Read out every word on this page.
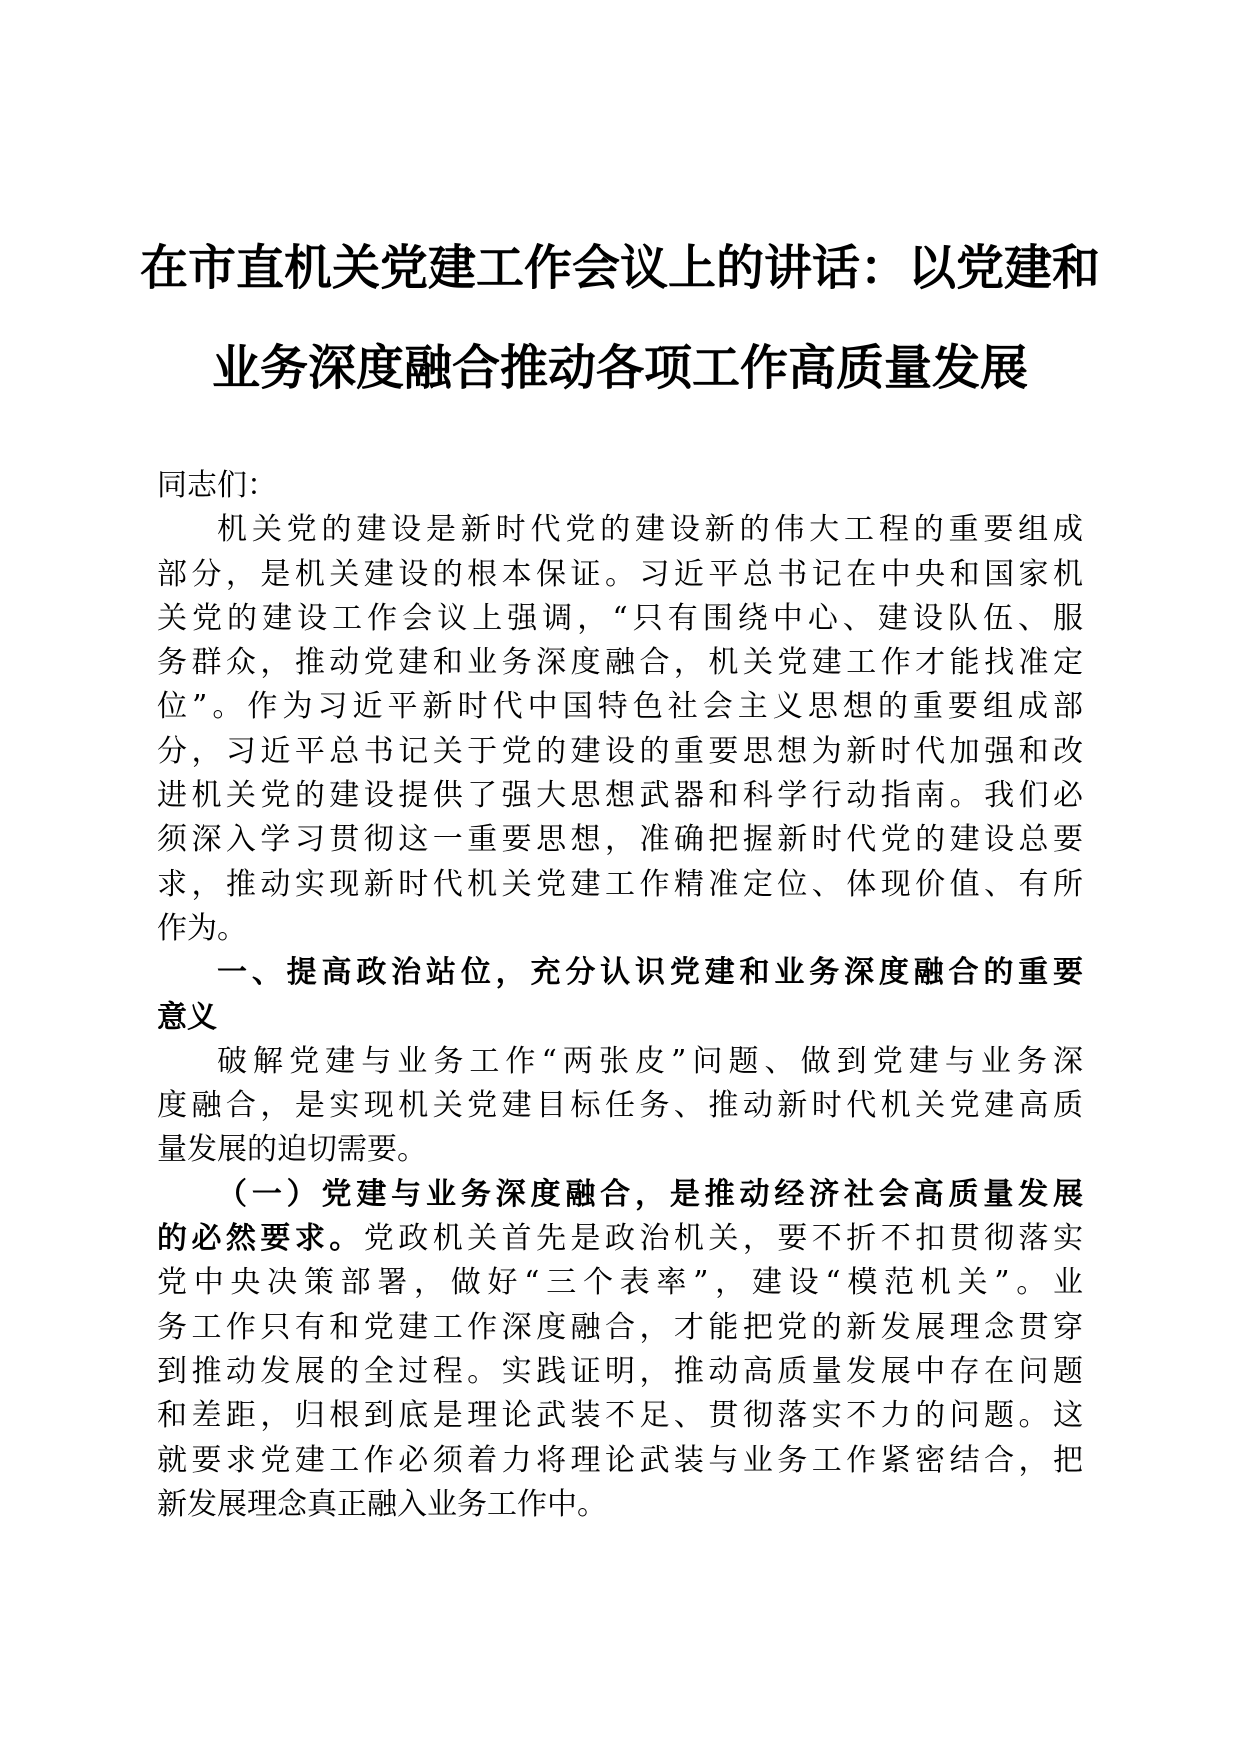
在市直机关党建工作会议上的讲话：以党建和
业务深度融合推动各项工作高质量发展
同志们：
机关党的建设是新时代党的建设新的伟大工程的重要组成
部分，是机关建设的根本保证。习近平总书记在中央和国家机
关党的建设工作会议上强调，“只有围绕中心、建设队伍、服
务群众，推动党建和业务深度融合，机关党建工作才能找准定
位”。作为习近平新时代中国特色社会主义思想的重要组成部
分，习近平总书记关于党的建设的重要思想为新时代加强和改
进机关党的建设提供了强大思想武器和科学行动指南。我们必
须深入学习贯彻这一重要思想，准确把握新时代党的建设总要
求，推动实现新时代机关党建工作精准定位、体现价值、有所
作为。
一、提高政治站位，充分认识党建和业务深度融合的重要
意义
破解党建与业务工作“两张皮”问题、做到党建与业务深
度融合，是实现机关党建目标任务、推动新时代机关党建高质
量发展的迫切需要。
（一）党建与业务深度融合，是推动经济社会高质量发展
的必然要求。党政机关首先是政治机关，要不折不扣贯彻落实
党中央决策部署，做好“三个表率”，建设“模范机关”。业
务工作只有和党建工作深度融合，才能把党的新发展理念贯穿
到推动发展的全过程。实践证明，推动高质量发展中存在问题
和差距，归根到底是理论武装不足、贯彻落实不力的问题。这
就要求党建工作必须着力将理论武装与业务工作紧密结合，把
新发展理念真正融入业务工作中。
